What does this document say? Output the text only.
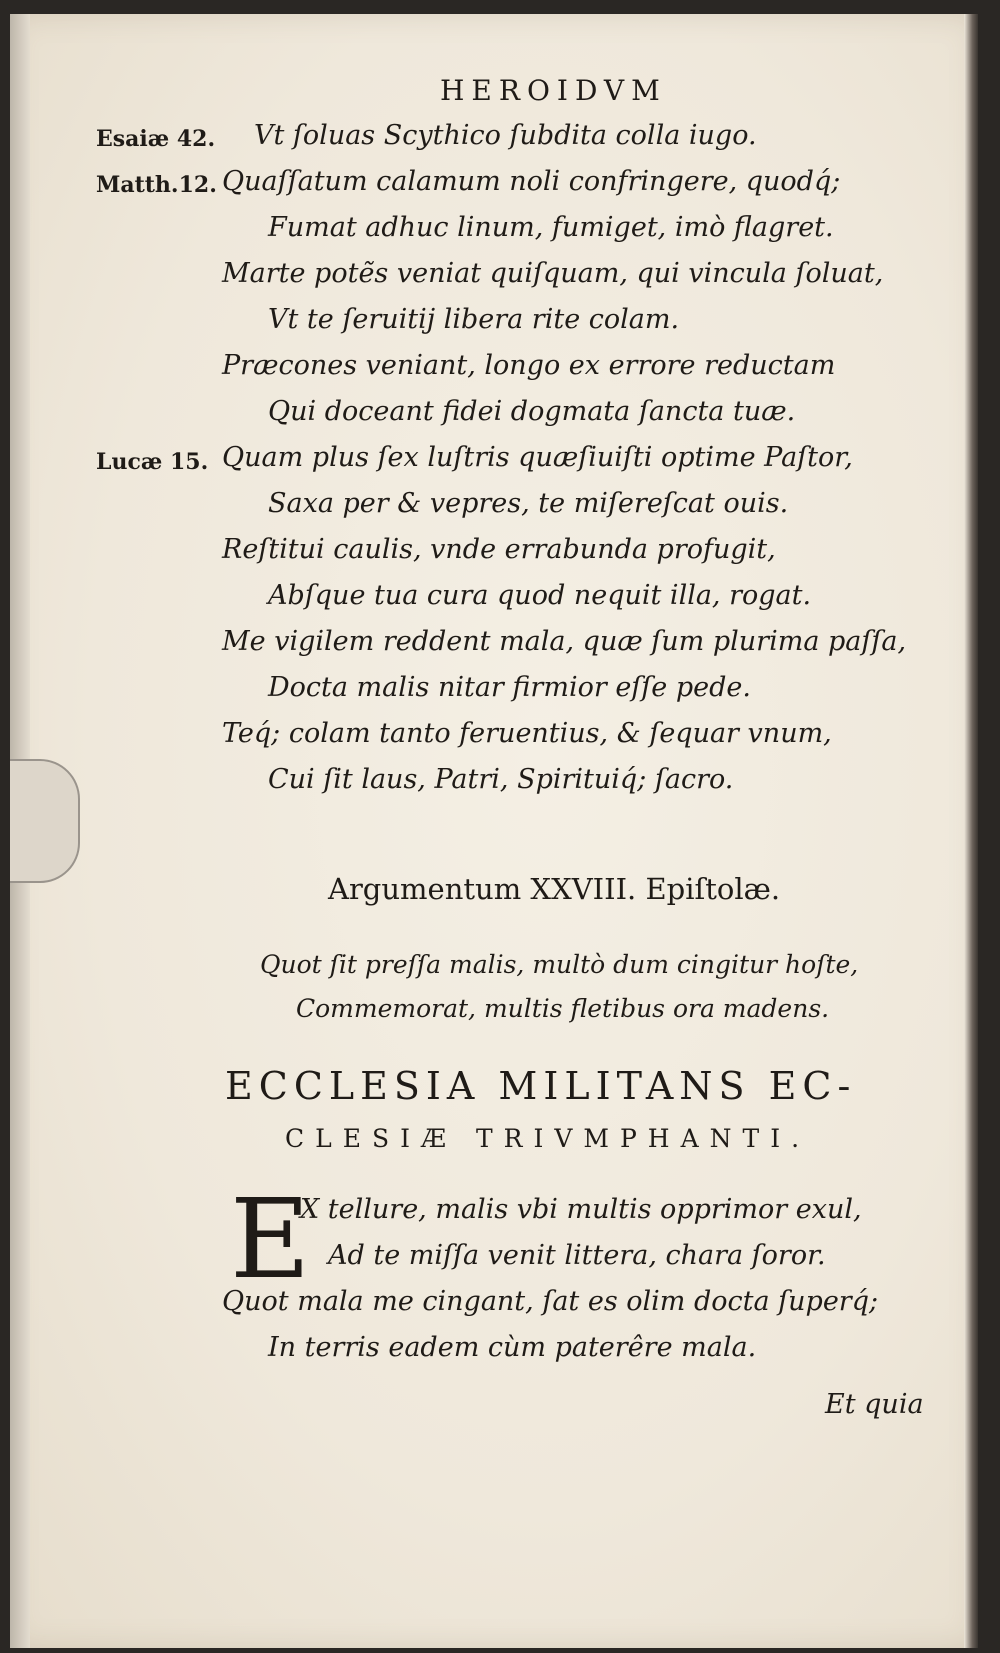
HEROIDVM
Esaiæ 42.
Matth.12.
Lucæ 15.
Vt ſoluas Scythico ſubdita colla iugo.
Quaſſatum calamum noli confringere, quodq́;
Fumat adhuc linum, fumiget, imò flagret.
Marte potẽs veniat quiſquam, qui vincula ſoluat,
Vt te ſeruitij libera rite colam.
Præcones veniant, longo ex errore reductam
Qui doceant fidei dogmata ſancta tuæ.
Quam plus ſex luſtris quæſiuiſti optime Paſtor,
Saxa per & vepres, te miſereſcat ouis.
Reſtitui caulis, vnde errabunda profugit,
Abſque tua cura quod nequit illa, rogat.
Me vigilem reddent mala, quæ ſum plurima paſſa,
Docta malis nitar firmior eſſe pede.
Teq́; colam tanto feruentius, & ſequar vnum,
Cui ſit laus, Patri, Spirituiq́; ſacro.
Argumentum XXVIII. Epiſtolæ.
Quot ſit preſſa malis, multò dum cingitur hoſte,
Commemorat, multis fletibus ora madens.
ECCLESIA MILITANS EC-
CLESIÆ TRIVMPHANTI.
E
X tellure, malis vbi multis opprimor exul,
Ad te miſſa venit littera, chara ſoror.
Quot mala me cingant, ſat es olim docta ſuperq́;
In terris eadem cùm paterêre mala.
Et quia
